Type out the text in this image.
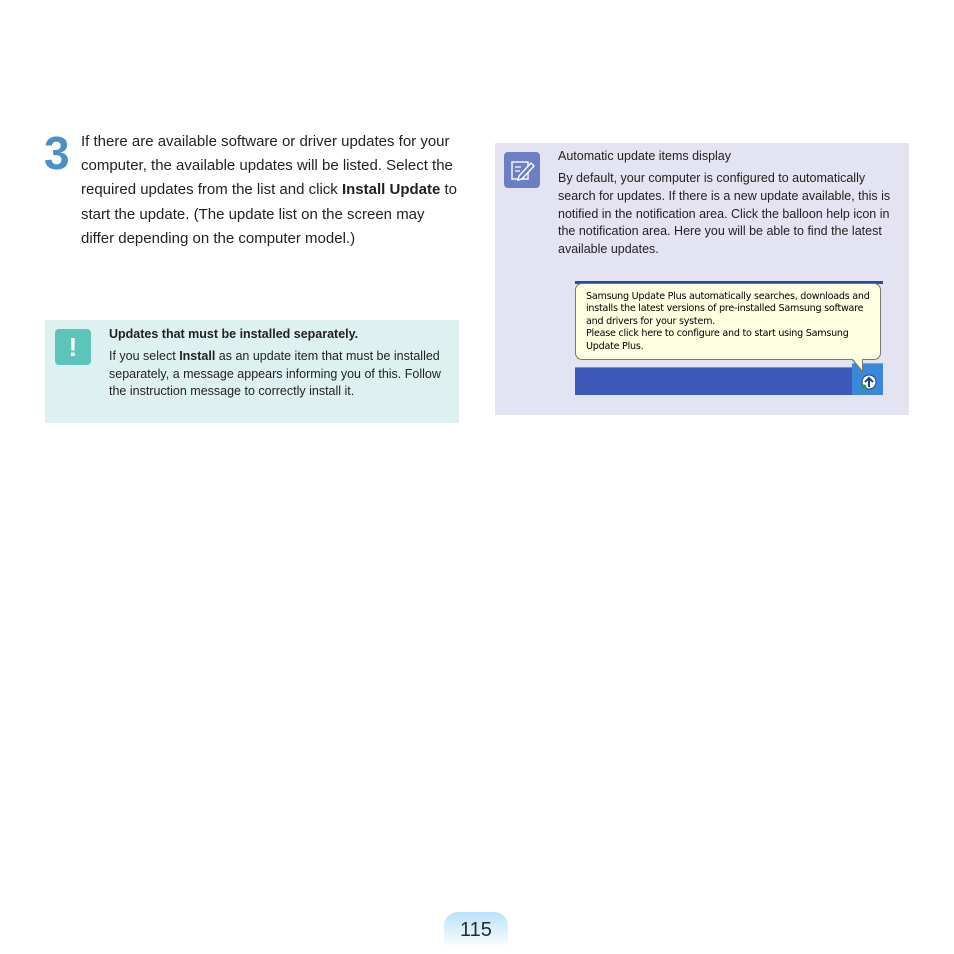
3 If there are available software or driver updates for your computer, the available updates will be listed. Select the required updates from the list and click Install Update to start the update. (The update list on the screen may differ depending on the computer model.)
!	Updates that must be installed separately.
If you select Install as an update item that must be installed separately, a message appears informing you of this. Follow the instruction message to correctly install it.
Automatic update items display
By default, your computer is configured to automatically search for updates. If there is a new update available, this is notified in the notification area. Click the balloon help icon in the notification area. Here you will be able to find the latest available updates.
Samsung Update Plus automatically searches, downloads and
installs the latest versions of pre-installed Samsung software
and drivers for your system.
Please click here to configure and to start using Samsung
Update Plus.
115
